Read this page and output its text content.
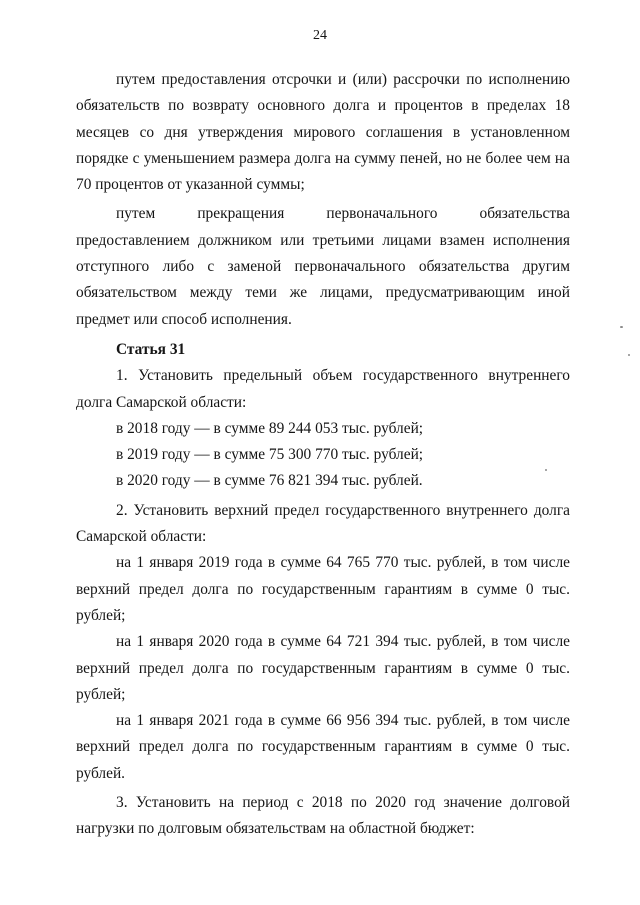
24

путем предоставления отсрочки и (или) рассрочки по исполнению обязательств по возврату основного долга и процентов в пределах 18 месяцев со дня утверждения мирового соглашения в установленном порядке с уменьшением размера долга на сумму пеней, но не более чем на 70 процентов от указанной суммы;

путем прекращения первоначального обязательства предоставлением должником или третьими лицами взамен исполнения отступного либо с заменой первоначального обязательства другим обязательством между теми же лицами, предусматривающим иной предмет или способ исполнения.

Статья 31

1. Установить предельный объем государственного внутреннего долга Самарской области:

в 2018 году — в сумме 89 244 053 тыс. рублей;

в 2019 году — в сумме 75 300 770 тыс. рублей;

в 2020 году — в сумме 76 821 394 тыс. рублей.

2. Установить верхний предел государственного внутреннего долга Самарской области:

на 1 января 2019 года в сумме 64 765 770 тыс. рублей, в том числе верхний предел долга по государственным гарантиям в сумме 0 тыс. рублей;

на 1 января 2020 года в сумме 64 721 394 тыс. рублей, в том числе верхний предел долга по государственным гарантиям в сумме 0 тыс. рублей;

на 1 января 2021 года в сумме 66 956 394 тыс. рублей, в том числе верхний предел долга по государственным гарантиям в сумме 0 тыс. рублей.

3. Установить на период с 2018 по 2020 год значение долговой нагрузки по долговым обязательствам на областной бюджет:
